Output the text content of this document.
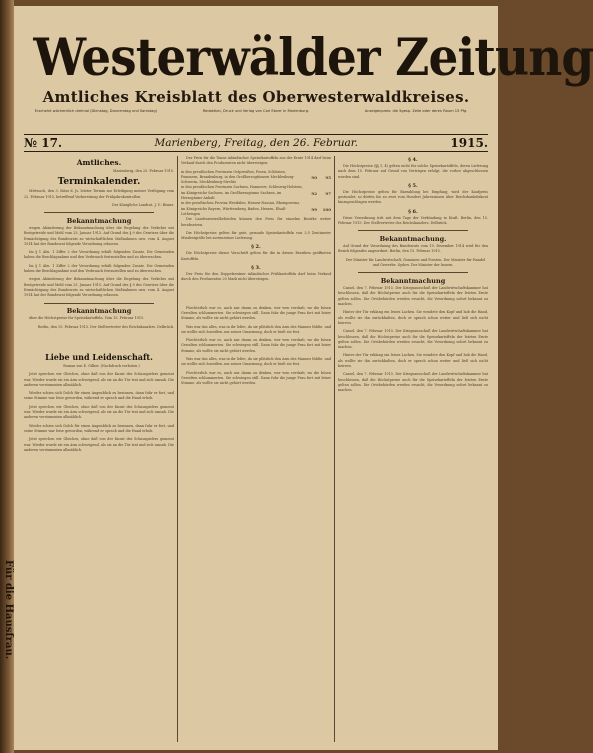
Für die Hausfrau.
Westerwälder Zeitung
Amtliches Kreisblatt des Oberwesterwaldkreises.
Erscheint wöchentlich dreimal (Dienstag, Donnerstag und Samstag)	Redaktion, Druck und Verlag von Carl Ebner in Marienburg.	Anzeigenpreis: die 5gesp. Zeile oder deren Raum 15 Pfg.
№ 17.	Marienberg, Freitag, den 26. Februar.	1915.
Amtliches.

Marienberg, den 25. Februar 1915.

Terminkalender.

Mittwoch, den 3. März d. Js. letzter Termin zur Erledigung meiner Verfügung vom 22. Februar 1915, betreffend Vorbereitung der Frühjahrskontrollen.

Der Königliche Landrat. J. V.: Bimer.

Bekanntmachung

wegen Abänderung der Bekanntmachung über die Regelung des Verkehrs mit Brotgetreide und Mehl vom 25. Januar 1915. Auf Grund des § 9 des Gesetzes über die Ermächtigung des Bundesrats zu wirtschaftlichen Maßnahmen usw. vom 4. August 1914 hat der Bundesrat folgende Verordnung erlassen.

Im § 1 Abs. 1 Ziffer 2 der Verordnung erhält folgenden Zusatz. Die Gemeinden haben die Beschlagnahme und den Verbrauch festzustellen und zu überwachen.

Im § 1 Abs. 1 Ziffer 2 der Verordnung erhält folgenden Zusatz. Die Gemeinden haben die Beschlagnahme und den Verbrauch festzustellen und zu überwachen.

wegen Abänderung der Bekanntmachung über die Regelung des Verkehrs mit Brotgetreide und Mehl vom 25. Januar 1915. Auf Grund des § 9 des Gesetzes über die Ermächtigung des Bundesrats zu wirtschaftlichen Maßnahmen usw. vom 4. August 1914 hat der Bundesrat folgende Verordnung erlassen.

Bekanntmachung

über die Höchstpreise für Speisekartoffeln. Vom 15. Februar 1915.

Berlin, den 15. Februar 1915. Der Stellvertreter des Reichskanzlers. Delbrück.

Liebe und Leidenschaft.

Roman von E. Gilber. (Nachdruck verboten.)

Jetzt sprechen wir Gleiches, ohne daß von der Kunst des Schauspielers gemeint war. Wieder wurde sie ein Arm schweigend, als sie an die Tür trat und sich umsah. Die anderen verstummten allmählich.

Wieder schien sich Dolch für einen Augenblick zu besinnen, dann fuhr er fort, und seine Stimme war leise geworden, während er sprach und die Hand erhob.

Jetzt sprechen wir Gleiches, ohne daß von der Kunst des Schauspielers gemeint war. Wieder wurde sie ein Arm schweigend, als sie an die Tür trat und sich umsah. Die anderen verstummten allmählich.

Wieder schien sich Dolch für einen Augenblick zu besinnen, dann fuhr er fort, und seine Stimme war leise geworden, während er sprach und die Hand erhob.

Jetzt sprechen wir Gleiches, ohne daß von der Kunst des Schauspielers gemeint war. Wieder wurde sie ein Arm schweigend, als sie an die Tür trat und sich umsah. Die anderen verstummten allmählich.

Der Preis für die Tonne inländischer Speisekartoffeln aus der Ernte 1914 darf beim Verkauf durch den Produzenten nicht übersteigen:

in den preußischen Provinzen Ostpreußen, Posen, Schlesien, Pommern, Brandenburg, in den Großherzogtümern Mecklenburg-Schwerin, Mecklenburg-Strelitz	90	95
in den preußischen Provinzen Sachsen, Hannover, Schleswig-Holstein, im Königreiche Sachsen, im Großherzogtume Sachsen, im Herzogtume Anhalt	92	97
in der preußischen Provinz Westfalen, Hessen-Nassau, Rheinprovinz, im Königreiche Bayern, Württemberg, Baden, Hessen, Elsaß-Lothringen	99	100

Die Landeszentralbehörden können den Preis für einzelne Bezirke weiter herabsetzen.

Die Höchstpreise gelten für gute, gesunde Speisekartoffeln von 3,5 Zentimeter Mindestgröße bei sortenreiner Lieferung.

§ 2.

Die Höchstpreise dieser Vorschrift gelten für die in diesen Bezirken geöffneten Kartoffeln.

§ 3.

Der Preis für den Doppelzentner inländischer Frühkartoffeln darf beim Verkauf durch den Produzenten 20 Mark nicht übersteigen.

Fürchterlich war es, auch nur daran zu denken, wer wen verdarb, wo die bösen Gewalten schlummerten. Sie schwiegen still. Dann fuhr die junge Frau fort mit leiser Stimme, als wollte sie nicht gehört werden.

Was war das alles, was in ihr lebte, da sie plötzlich den Arm des Mannes fühlte, und sie wollte sich losreißen aus seiner Umarmung, doch er hielt sie fest.

Fürchterlich war es, auch nur daran zu denken, wer wen verdarb, wo die bösen Gewalten schlummerten. Sie schwiegen still. Dann fuhr die junge Frau fort mit leiser Stimme, als wollte sie nicht gehört werden.

Was war das alles, was in ihr lebte, da sie plötzlich den Arm des Mannes fühlte, und sie wollte sich losreißen aus seiner Umarmung, doch er hielt sie fest.

Fürchterlich war es, auch nur daran zu denken, wer wen verdarb, wo die bösen Gewalten schlummerten. Sie schwiegen still. Dann fuhr die junge Frau fort mit leiser Stimme, als wollte sie nicht gehört werden.

§ 4.

Die Höchstpreise (§§ 1, 4) gelten nicht für solche Speisekartoffeln, deren Lieferung nach dem 15. Februar auf Grund von Verträgen erfolgt, die vorher abgeschlossen worden sind.

§ 5.

Die Höchstpreise gelten für Barzahlung bei Empfang; wird der Kaufpreis gestundet, so dürfen bis zu zwei vom Hundert Jahreszinsen über Reichsbankdiskont hinzugeschlagen werden.

§ 6.

Diese Verordnung tritt mit dem Tage der Verkündung in Kraft. Berlin, den 15. Februar 1915. Der Stellvertreter des Reichskanzlers. Delbrück.

Bekanntmachung.

Auf Grund der Verordnung des Bundesrats vom 19. Dezember 1914 wird für den Bezirk folgendes angeordnet. Berlin, den 15. Februar 1915.

Der Minister für Landwirtschaft, Domänen und Forsten. Der Minister für Handel und Gewerbe. Sydow. Der Minister der Innern.

Bekanntmachung

Cassel, den 7. Februar 1915. Der Kriegsausschuß der Landwirtschaftskammer hat beschlossen, daß die Höchstpreise auch für die Speisekartoffeln der letzten Ernte gelten sollen. Die Ortsbehörden werden ersucht, die Verordnung sofort bekannt zu machen.

Hinter der Tür erklang ein leises Lachen. Sie wendete den Kopf und hob die Hand, als wollte sie ihn zurückhalten, doch er sprach schon weiter und ließ sich nicht beirren.

Cassel, den 7. Februar 1915. Der Kriegsausschuß der Landwirtschaftskammer hat beschlossen, daß die Höchstpreise auch für die Speisekartoffeln der letzten Ernte gelten sollen. Die Ortsbehörden werden ersucht, die Verordnung sofort bekannt zu machen.

Hinter der Tür erklang ein leises Lachen. Sie wendete den Kopf und hob die Hand, als wollte sie ihn zurückhalten, doch er sprach schon weiter und ließ sich nicht beirren.

Cassel, den 7. Februar 1915. Der Kriegsausschuß der Landwirtschaftskammer hat beschlossen, daß die Höchstpreise auch für die Speisekartoffeln der letzten Ernte gelten sollen. Die Ortsbehörden werden ersucht, die Verordnung sofort bekannt zu machen.
